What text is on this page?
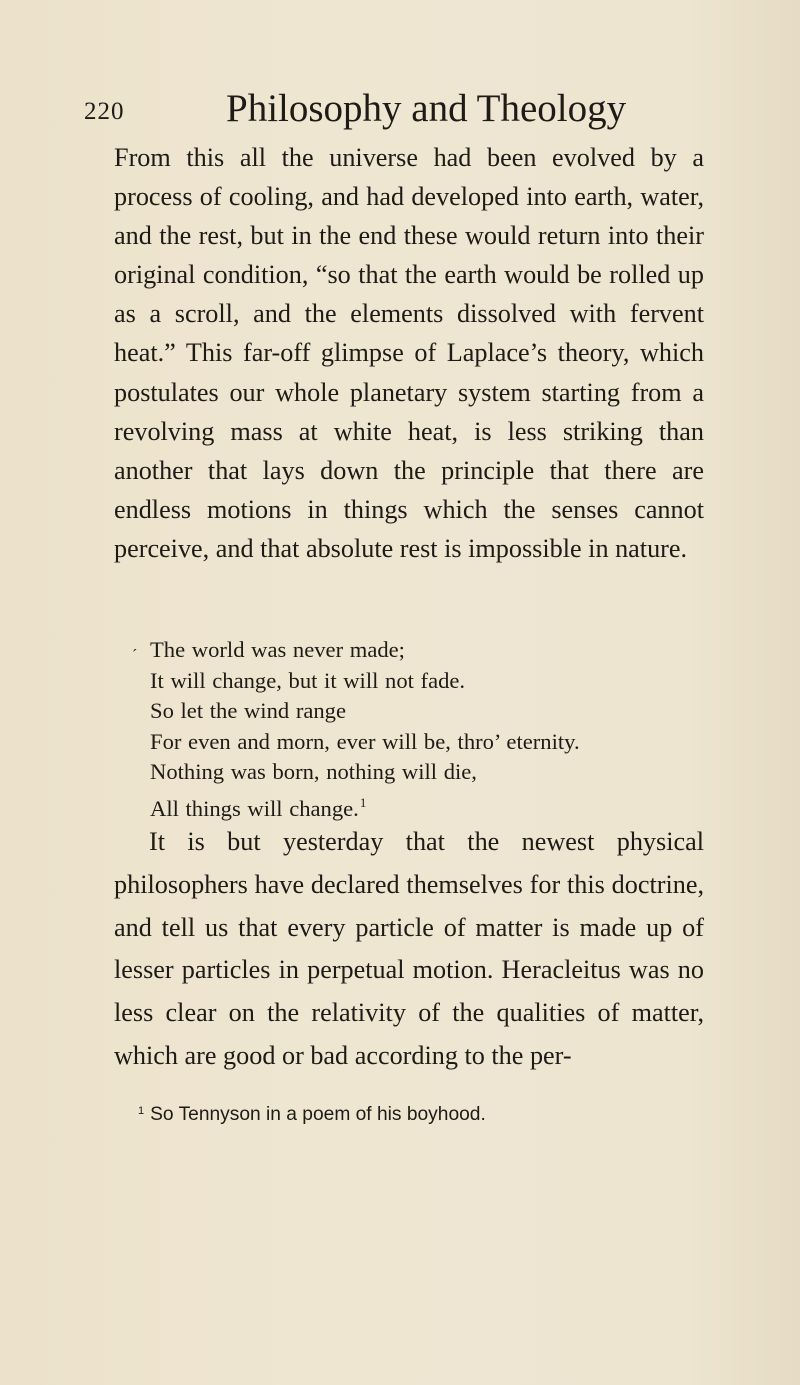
220	Philosophy and Theology

From this all the universe had been evolved by a process of cooling, and had developed into earth, water, and the rest, but in the end these would return into their original condition, “so that the earth would be rolled up as a scroll, and the elements dissolved with fervent heat.” This far-off glimpse of Laplace’s theory, which postulates our whole planetary system starting from a revolving mass at white heat, is less striking than another that lays down the principle that there are endless motions in things which the senses cannot perceive, and that absolute rest is impossible in nature.

ˊ The world was never made;
It will change, but it will not fade.
So let the wind range
For even and morn, ever will be, thro’ eternity.
Nothing was born, nothing will die,
All things will change.$^1$

It is but yesterday that the newest physical philosophers have declared themselves for this doctrine, and tell us that every particle of matter is made up of lesser particles in perpetual motion. Heracleitus was no less clear on the relativity of the qualities of matter, which are good or bad according to the per-

$^1$ So Tennyson in a poem of his boyhood.
